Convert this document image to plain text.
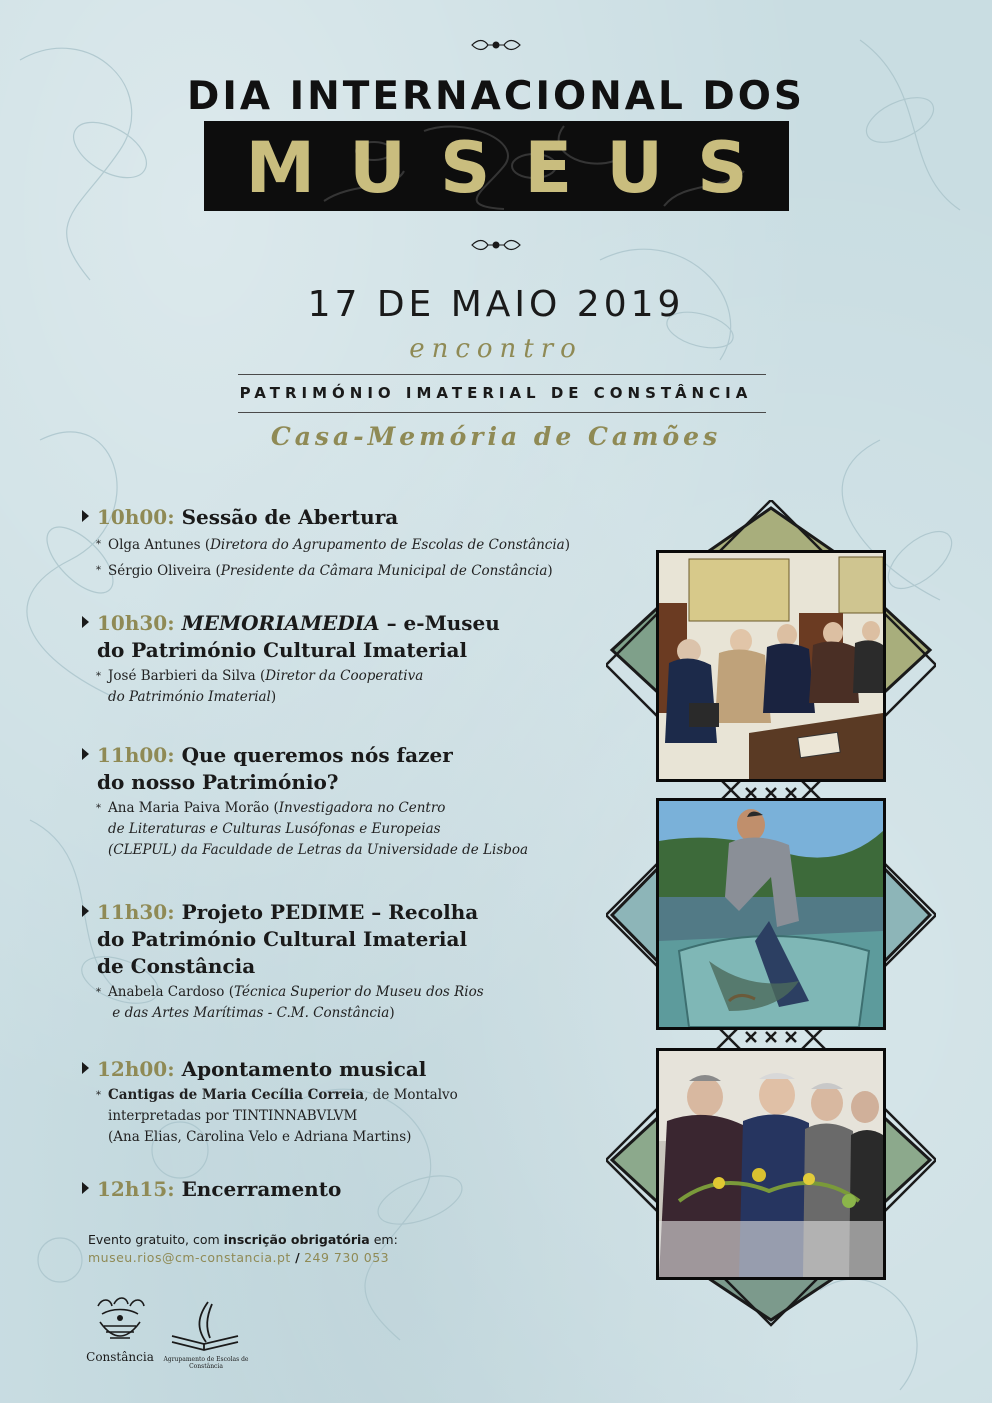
DIA INTERNACIONAL DOS
MUSEUS
17 DE MAIO 2019
encontro
PATRIMÓNIO IMATERIAL DE CONSTÂNCIA
Casa-Memória de Camões
10h00: Sessão de Abertura
* Olga Antunes (Diretora do Agrupamento de Escolas de Constância)
* Sérgio Oliveira (Presidente da Câmara Municipal de Constância)
10h30: MEMORIAMEDIA – e-Museu
do Património Cultural Imaterial
* José Barbieri da Silva (Diretor da Cooperativa
do Património Imaterial)
11h00: Que queremos nós fazer
do nosso Património?
* Ana Maria Paiva Morão (Investigadora no Centro
de Literaturas e Culturas Lusófonas e Europeias
(CLEPUL) da Faculdade de Letras da Universidade de Lisboa
11h30: Projeto PEDIME – Recolha
do Património Cultural Imaterial
de Constância
* Anabela Cardoso (Técnica Superior do Museu dos Rios
e das Artes Marítimas - C.M. Constância)
12h00: Apontamento musical
* Cantigas de Maria Cecília Correia, de Montalvo
interpretadas por TINTINNABVLVM
(Ana Elias, Carolina Velo e Adriana Martins)
12h15: Encerramento
Evento gratuito, com inscrição obrigatória em:
museu.rios@cm-constancia.pt / 249 730 053
Constância	Agrupamento de Escolas de Constância
